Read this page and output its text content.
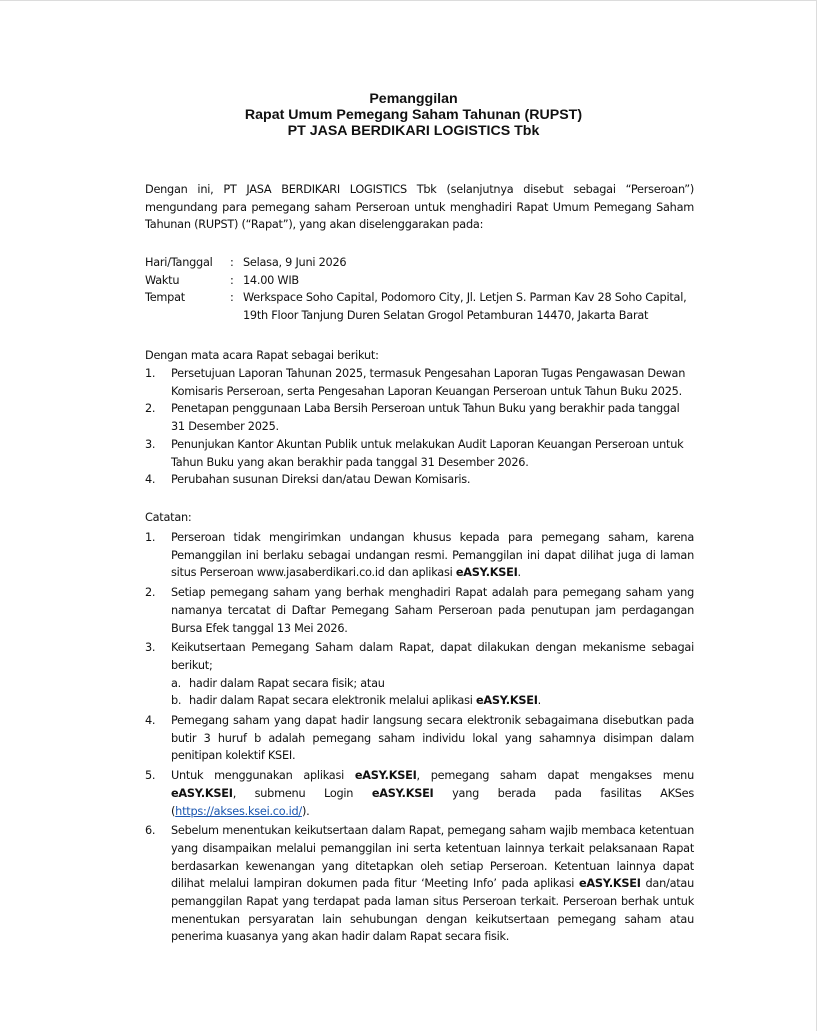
Pemanggilan
Rapat Umum Pemegang Saham Tahunan (RUPST)
PT JASA BERDIKARI LOGISTICS Tbk
Dengan ini, PT JASA BERDIKARI LOGISTICS Tbk (selanjutnya disebut sebagai “Perseroan”) mengundang para pemegang saham Perseroan untuk menghadiri Rapat Umum Pemegang Saham Tahunan (RUPST) (“Rapat”), yang akan diselenggarakan pada:
Hari/Tanggal	: Selasa, 9 Juni 2026
Waktu	: 14.00 WIB
Tempat	: Werkspace Soho Capital, Podomoro City, Jl. Letjen S. Parman Kav 28 Soho Capital, 19th Floor Tanjung Duren Selatan Grogol Petamburan 14470, Jakarta Barat
Dengan mata acara Rapat sebagai berikut:
1.	Persetujuan Laporan Tahunan 2025, termasuk Pengesahan Laporan Tugas Pengawasan Dewan Komisaris Perseroan, serta Pengesahan Laporan Keuangan Perseroan untuk Tahun Buku 2025.
2.	Penetapan penggunaan Laba Bersih Perseroan untuk Tahun Buku yang berakhir pada tanggal 31 Desember 2025.
3.	Penunjukan Kantor Akuntan Publik untuk melakukan Audit Laporan Keuangan Perseroan untuk Tahun Buku yang akan berakhir pada tanggal 31 Desember 2026.
4.	Perubahan susunan Direksi dan/atau Dewan Komisaris.
Catatan:
1.	Perseroan tidak mengirimkan undangan khusus kepada para pemegang saham, karena Pemanggilan ini berlaku sebagai undangan resmi. Pemanggilan ini dapat dilihat juga di laman situs Perseroan www.jasaberdikari.co.id dan aplikasi eASY.KSEI.
2.	Setiap pemegang saham yang berhak menghadiri Rapat adalah para pemegang saham yang namanya tercatat di Daftar Pemegang Saham Perseroan pada penutupan jam perdagangan Bursa Efek tanggal 13 Mei 2026.
3.	Keikutsertaan Pemegang Saham dalam Rapat, dapat dilakukan dengan mekanisme sebagai berikut;
a. hadir dalam Rapat secara fisik; atau
b. hadir dalam Rapat secara elektronik melalui aplikasi eASY.KSEI.
4.	Pemegang saham yang dapat hadir langsung secara elektronik sebagaimana disebutkan pada butir 3 huruf b adalah pemegang saham individu lokal yang sahamnya disimpan dalam penitipan kolektif KSEI.
5.	Untuk menggunakan aplikasi eASY.KSEI, pemegang saham dapat mengakses menu eASY.KSEI, submenu Login eASY.KSEI yang berada pada fasilitas AKSes (https://akses.ksei.co.id/).
6.	Sebelum menentukan keikutsertaan dalam Rapat, pemegang saham wajib membaca ketentuan yang disampaikan melalui pemanggilan ini serta ketentuan lainnya terkait pelaksanaan Rapat berdasarkan kewenangan yang ditetapkan oleh setiap Perseroan. Ketentuan lainnya dapat dilihat melalui lampiran dokumen pada fitur ‘Meeting Info’ pada aplikasi eASY.KSEI dan/atau pemanggilan Rapat yang terdapat pada laman situs Perseroan terkait. Perseroan berhak untuk menentukan persyaratan lain sehubungan dengan keikutsertaan pemegang saham atau penerima kuasanya yang akan hadir dalam Rapat secara fisik.
